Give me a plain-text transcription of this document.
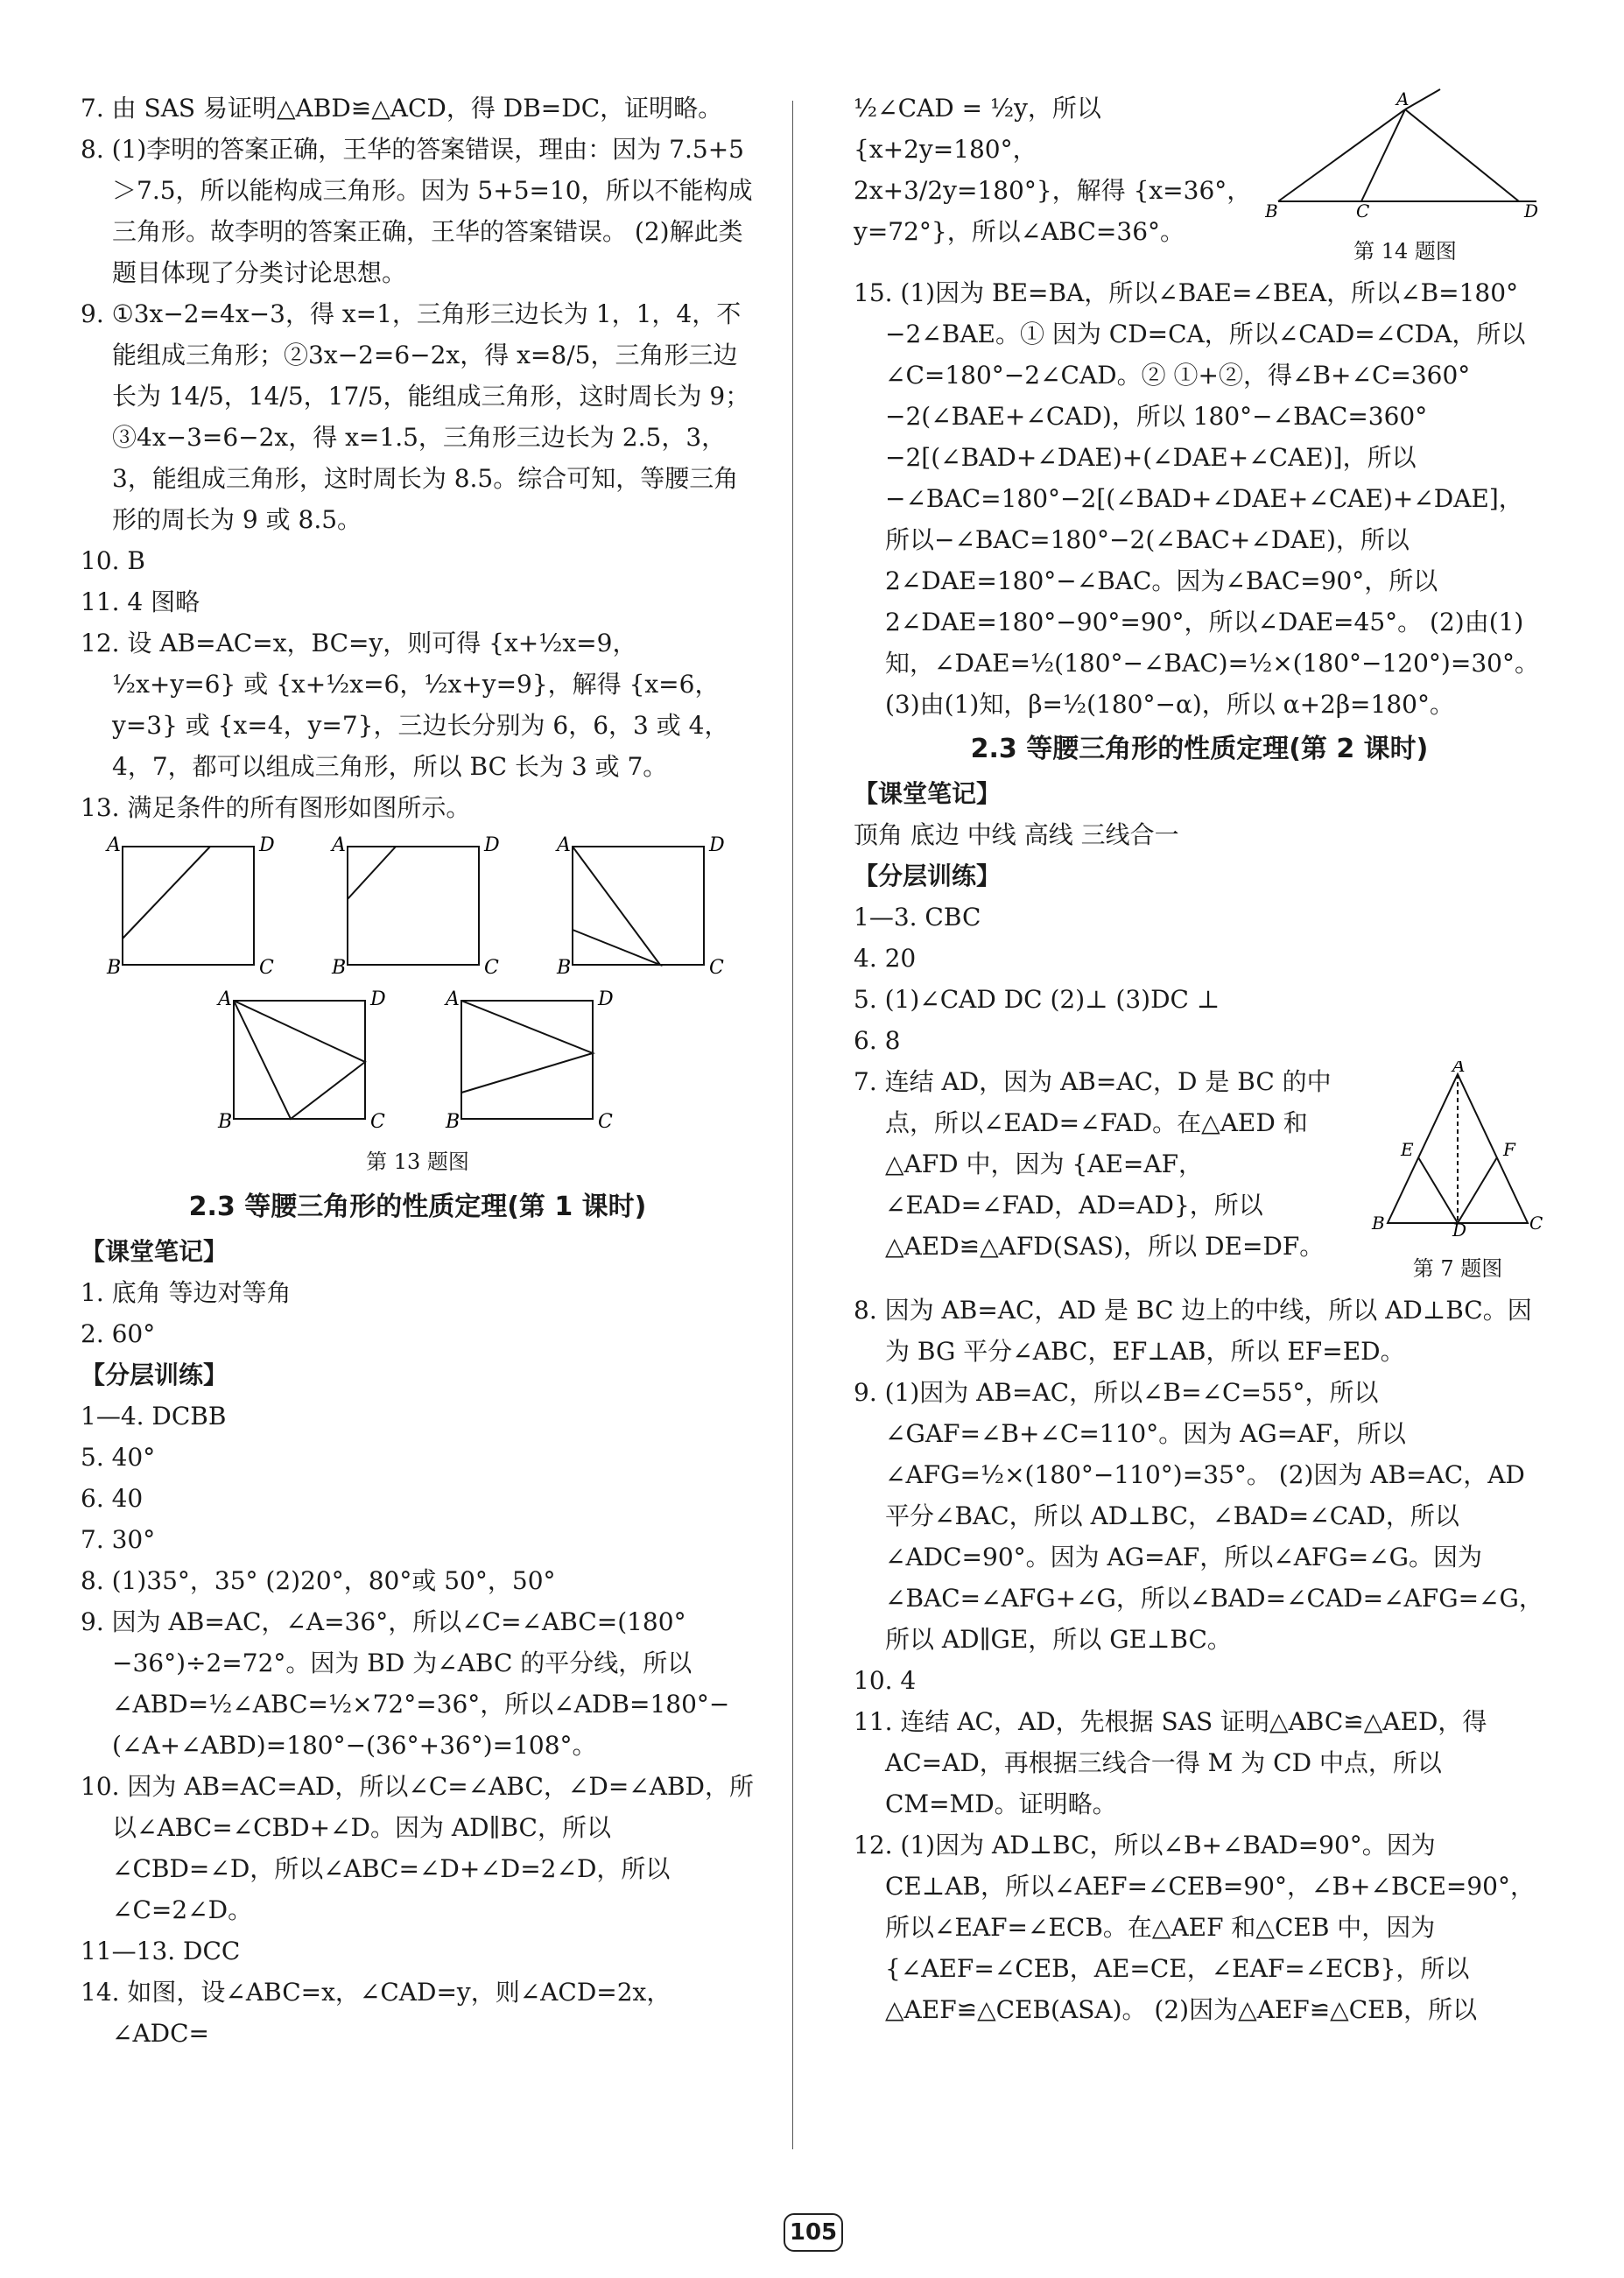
7. 由 SAS 易证明△ABD≌△ACD，得 DB=DC，证明略。

8. (1)李明的答案正确，王华的答案错误，理由：因为 7.5+5＞7.5，所以能构成三角形。因为 5+5=10，所以不能构成三角形。故李明的答案正确，王华的答案错误。 (2)解此类题目体现了分类讨论思想。

9. ①3x−2=4x−3，得 x=1，三角形三边长为 1，1，4，不能组成三角形；②3x−2=6−2x，得 x=8/5，三角形三边长为 14/5，14/5，17/5，能组成三角形，这时周长为 9；③4x−3=6−2x，得 x=1.5，三角形三边长为 2.5，3，3，能组成三角形，这时周长为 8.5。综合可知，等腰三角形的周长为 9 或 8.5。

10. B

11. 4 图略

12. 设 AB=AC=x，BC=y，则可得 {x+½x=9，½x+y=6} 或 {x+½x=6，½x+y=9}，解得 {x=6，y=3} 或 {x=4，y=7}，三边长分别为 6，6，3 或 4，4，7，都可以组成三角形，所以 BC 长为 3 或 7。

13. 满足条件的所有图形如图所示。

A	D
B	C
A	D
B	C
A	D
B	C
A	D
B	C
A	D
B	C
第 13 题图
2.3 等腰三角形的性质定理(第 1 课时)

【课堂笔记】

1. 底角 等边对等角

2. 60°

【分层训练】

1—4. DCBB

5. 40°

6. 40

7. 30°

8. (1)35°，35° (2)20°，80°或 50°，50°

9. 因为 AB=AC，∠A=36°，所以∠C=∠ABC=(180°−36°)÷2=72°。因为 BD 为∠ABC 的平分线，所以∠ABD=½∠ABC=½×72°=36°，所以∠ADB=180°−(∠A+∠ABD)=180°−(36°+36°)=108°。

10. 因为 AB=AC=AD，所以∠C=∠ABC，∠D=∠ABD，所以∠ABC=∠CBD+∠D。因为 AD∥BC，所以∠CBD=∠D，所以∠ABC=∠D+∠D=2∠D，所以∠C=2∠D。

11—13. DCC

14. 如图，设∠ABC=x，∠CAD=y，则∠ACD=2x，∠ADC=

½∠CAD = ½y，所以 {x+2y=180°，2x+3/2y=180°}，解得 {x=36°，y=72°}，所以∠ABC=36°。

B	C	D
A
第 14 题图

15. (1)因为 BE=BA，所以∠BAE=∠BEA，所以∠B=180°−2∠BAE。① 因为 CD=CA，所以∠CAD=∠CDA，所以∠C=180°−2∠CAD。② ①+②，得∠B+∠C=360°−2(∠BAE+∠CAD)，所以 180°−∠BAC=360°−2[(∠BAD+∠DAE)+(∠DAE+∠CAE)]，所以−∠BAC=180°−2[(∠BAD+∠DAE+∠CAE)+∠DAE]，所以−∠BAC=180°−2(∠BAC+∠DAE)，所以 2∠DAE=180°−∠BAC。因为∠BAC=90°，所以 2∠DAE=180°−90°=90°，所以∠DAE=45°。 (2)由(1)知，∠DAE=½(180°−∠BAC)=½×(180°−120°)=30°。 (3)由(1)知，β=½(180°−α)，所以 α+2β=180°。

2.3 等腰三角形的性质定理(第 2 课时)

【课堂笔记】

顶角 底边 中线 高线 三线合一

【分层训练】

1—3. CBC

4. 20

5. (1)∠CAD DC (2)⊥ (3)DC ⊥

6. 8

7. 连结 AD，因为 AB=AC，D 是 BC 的中点，所以∠EAD=∠FAD。在△AED 和△AFD 中，因为 {AE=AF，∠EAD=∠FAD，AD=AD}，所以△AED≌△AFD(SAS)，所以 DE=DF。

A
B	C
D
E	F
第 7 题图

8. 因为 AB=AC，AD 是 BC 边上的中线，所以 AD⊥BC。因为 BG 平分∠ABC，EF⊥AB，所以 EF=ED。

9. (1)因为 AB=AC，所以∠B=∠C=55°，所以∠GAF=∠B+∠C=110°。因为 AG=AF，所以∠AFG=½×(180°−110°)=35°。 (2)因为 AB=AC，AD 平分∠BAC，所以 AD⊥BC，∠BAD=∠CAD，所以∠ADC=90°。因为 AG=AF，所以∠AFG=∠G。因为∠BAC=∠AFG+∠G，所以∠BAD=∠CAD=∠AFG=∠G，所以 AD∥GE，所以 GE⊥BC。

10. 4

11. 连结 AC，AD，先根据 SAS 证明△ABC≌△AED，得 AC=AD，再根据三线合一得 M 为 CD 中点，所以 CM=MD。证明略。

12. (1)因为 AD⊥BC，所以∠B+∠BAD=90°。因为 CE⊥AB，所以∠AEF=∠CEB=90°，∠B+∠BCE=90°，所以∠EAF=∠ECB。在△AEF 和△CEB 中，因为 {∠AEF=∠CEB，AE=CE，∠EAF=∠ECB}，所以△AEF≌△CEB(ASA)。 (2)因为△AEF≌△CEB，所以

105
